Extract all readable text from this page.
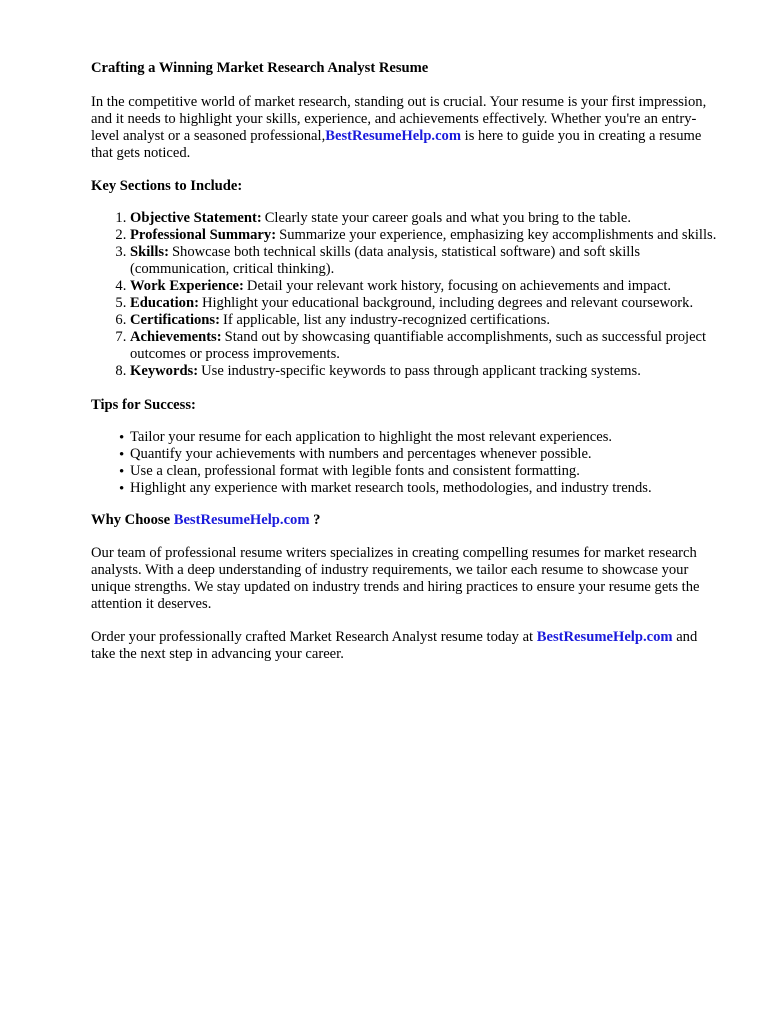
Crafting a Winning Market Research Analyst Resume

In the competitive world of market research, standing out is crucial. Your resume is your first impression, and it needs to highlight your skills, experience, and achievements effectively. Whether you're an entry-level analyst or a seasoned professional,BestResumeHelp.com is here to guide you in creating a resume that gets noticed.

Key Sections to Include:

1. Objective Statement: Clearly state your career goals and what you bring to the table.
2. Professional Summary: Summarize your experience, emphasizing key accomplishments and skills.
3. Skills: Showcase both technical skills (data analysis, statistical software) and soft skills (communication, critical thinking).
4. Work Experience: Detail your relevant work history, focusing on achievements and impact.
5. Education: Highlight your educational background, including degrees and relevant coursework.
6. Certifications: If applicable, list any industry-recognized certifications.
7. Achievements: Stand out by showcasing quantifiable accomplishments, such as successful project outcomes or process improvements.
8. Keywords: Use industry-specific keywords to pass through applicant tracking systems.

Tips for Success:

• Tailor your resume for each application to highlight the most relevant experiences.
• Quantify your achievements with numbers and percentages whenever possible.
• Use a clean, professional format with legible fonts and consistent formatting.
• Highlight any experience with market research tools, methodologies, and industry trends.

Why Choose BestResumeHelp.com ?

Our team of professional resume writers specializes in creating compelling resumes for market research analysts. With a deep understanding of industry requirements, we tailor each resume to showcase your unique strengths. We stay updated on industry trends and hiring practices to ensure your resume gets the attention it deserves.

Order your professionally crafted Market Research Analyst resume today at BestResumeHelp.com and take the next step in advancing your career.
